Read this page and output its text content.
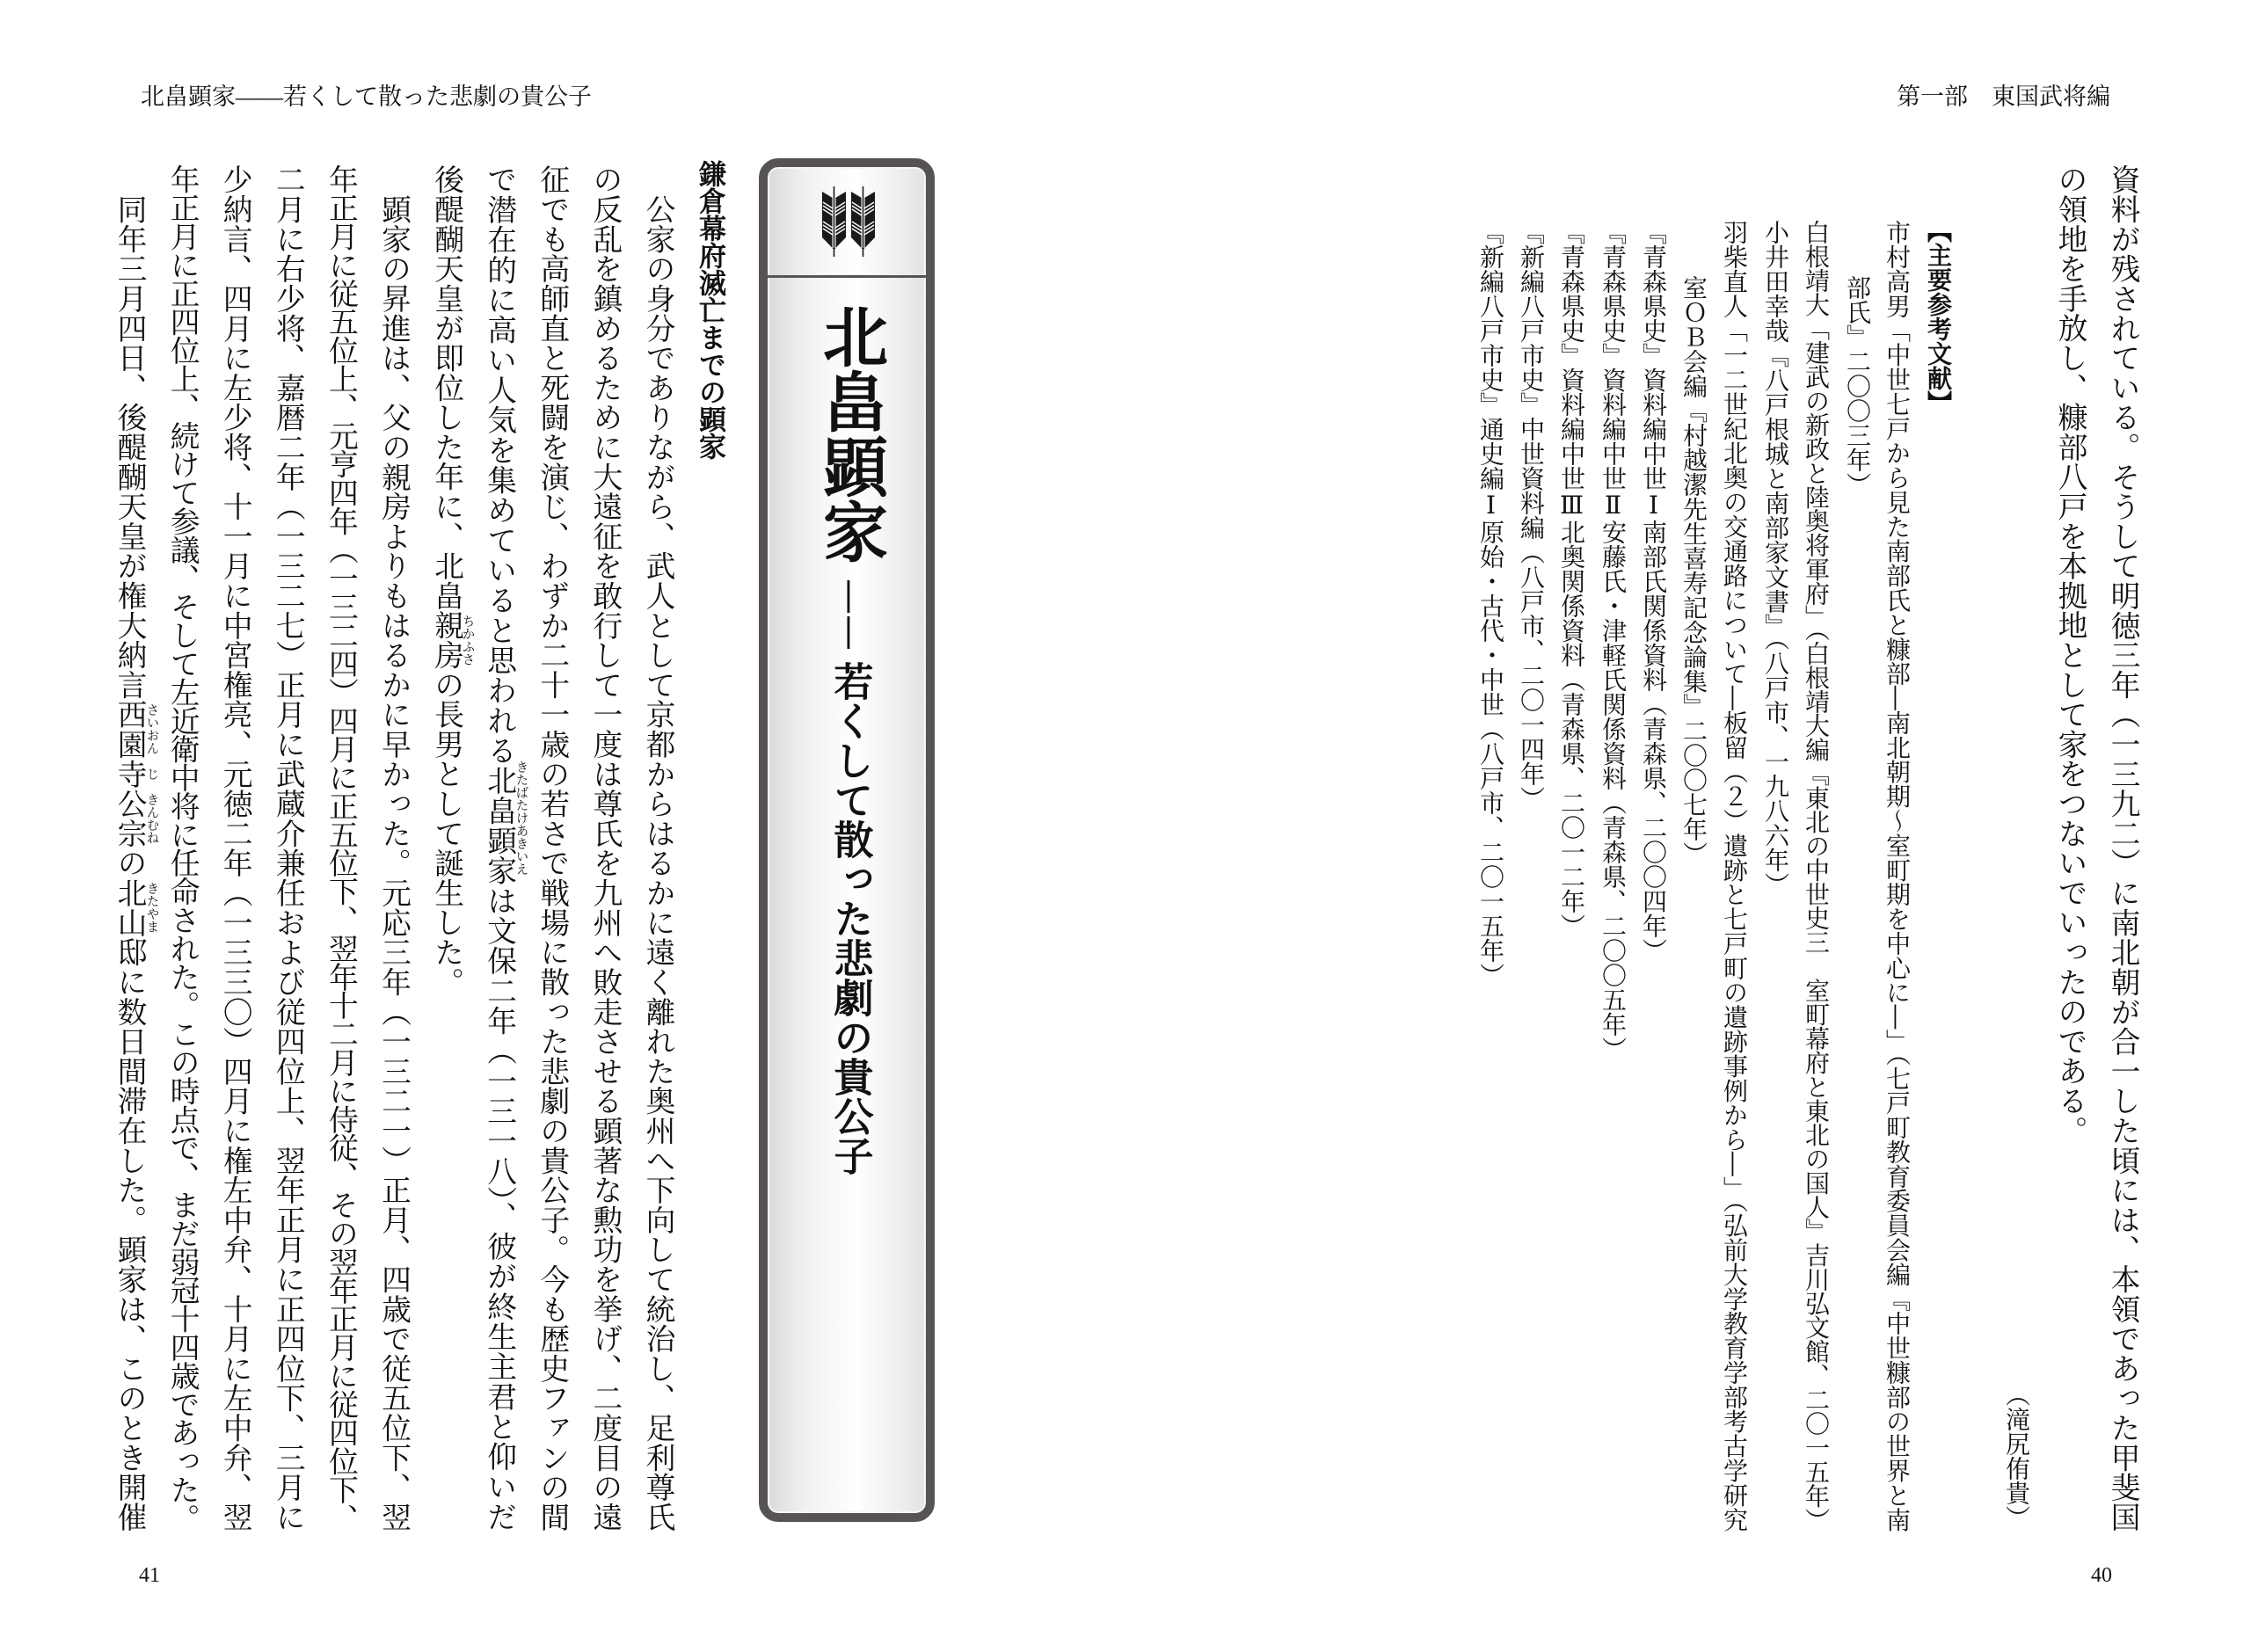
北畠顕家——若くして散った悲劇の貴公子
北畠顕家
——
若くして散った悲劇の貴公子
鎌倉幕府滅亡までの顕家
　公家の身分でありながら、武人として京都からはるかに遠く離れた奥州へ下向して統治し、足利尊氏
の反乱を鎮めるために大遠征を敢行して一度は尊氏を九州へ敗走させる顕著な勲功を挙げ、二度目の遠
征でも高師直と死闘を演じ、わずか二十一歳の若さで戦場に散った悲劇の貴公子。今も歴史ファンの間
で潜在的に高い人気を集めていると思われる北畠顕家は文保二年（一三一八）、彼が終生主君と仰いだ
後醍醐天皇が即位した年に、北畠親房の長男として誕生した。
　顕家の昇進は、父の親房よりもはるかに早かった。元応三年（一三二一）正月、四歳で従五位下、翌
年正月に従五位上、元亨四年（一三二四）四月に正五位下、翌年十二月に侍従、その翌年正月に従四位下、
二月に右少将、嘉暦二年（一三二七）正月に武蔵介兼任および従四位上、翌年正月に正四位下、三月に
少納言、四月に左少将、十一月に中宮権亮、元徳二年（一三三〇）四月に権左中弁、十月に左中弁、翌
年正月に正四位上、続けて参議、そして左近衛中将に任命された。この時点で、まだ弱冠十四歳であった。
　同年三月四日、後醍醐天皇が権大納言西園寺公宗の北山邸に数日間滞在した。顕家は、このとき開催	きたばたけあきいえ
ちかふさ
さいおん
じ
きんむね
きたやま
41
第一部　東国武将編
資料が残されている。そうして明徳三年（一三九二）に南北朝が合一した頃には、本領であった甲斐国
の領地を手放し、糠部八戸を本拠地として家をつないでいったのである。
（滝尻侑貴）
【主要参考文献】
市村高男「中世七戸から見た南部氏と糠部―南北朝期～室町期を中心に―」（七戸町教育委員会編『中世糠部の世界と南
部氏』二〇〇三年）
白根靖大「建武の新政と陸奥将軍府」（白根靖大編『東北の中世史三　室町幕府と東北の国人』吉川弘文館、二〇一五年）
小井田幸哉『八戸根城と南部家文書』（八戸市、一九八六年）
羽柴直人「一二世紀北奥の交通路について―板留（２）遺跡と七戸町の遺跡事例から―」（弘前大学教育学部考古学研究
室ＯＢ会編『村越潔先生喜寿記念論集』二〇〇七年）
『青森県史』資料編中世Ⅰ南部氏関係資料（青森県、二〇〇四年）
『青森県史』資料編中世Ⅱ安藤氏・津軽氏関係資料（青森県、二〇〇五年）
『青森県史』資料編中世Ⅲ北奥関係資料（青森県、二〇一二年）
『新編八戸市史』中世資料編（八戸市、二〇一四年）
『新編八戸市史』通史編Ⅰ原始・古代・中世（八戸市、二〇一五年）
40
